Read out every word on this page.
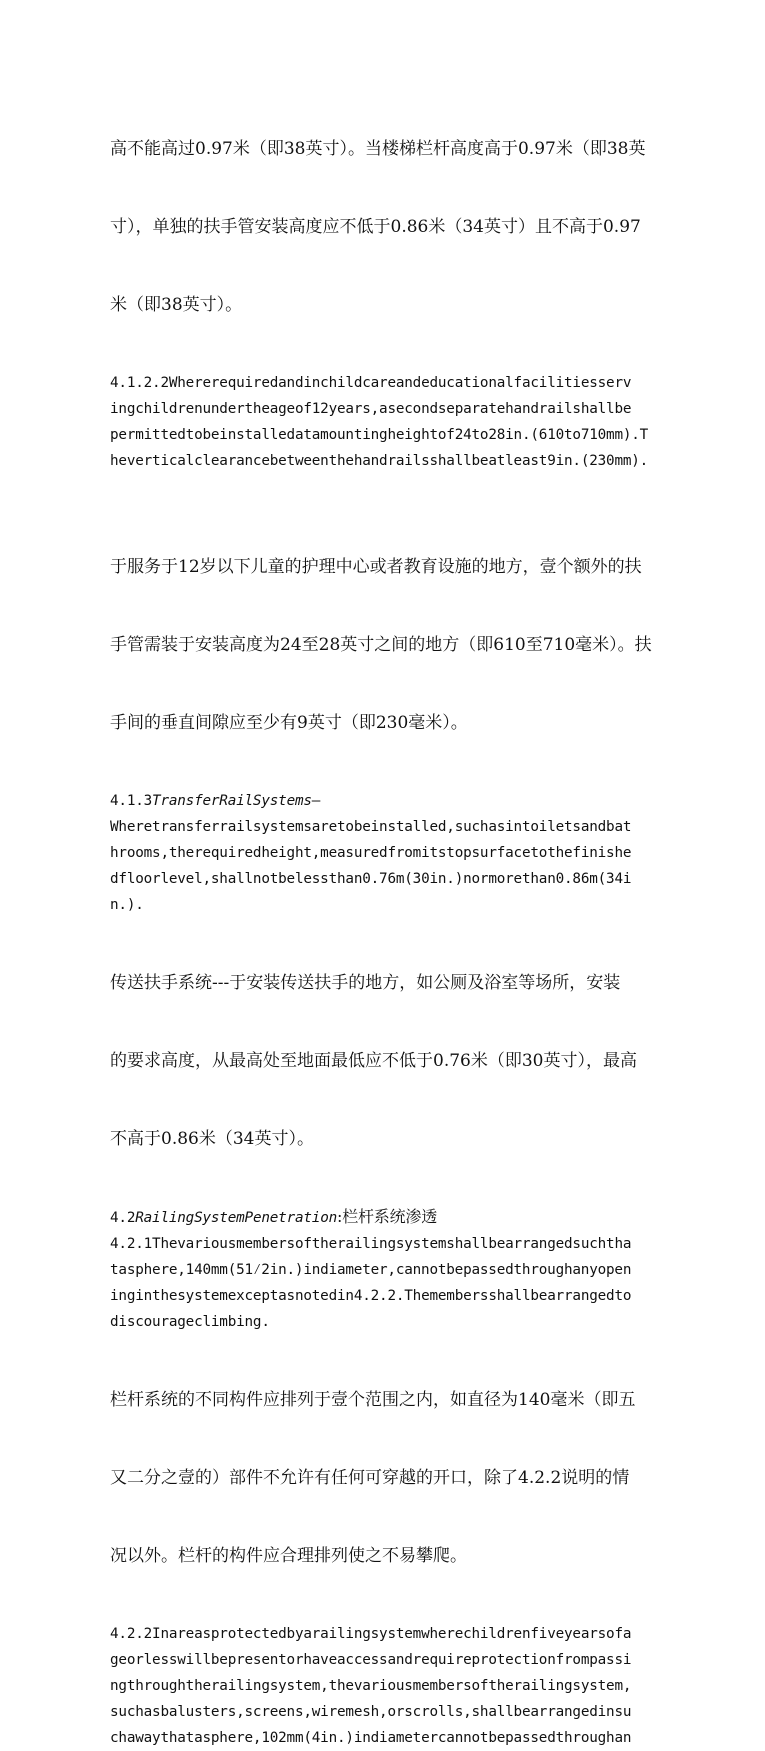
高不能高过0.97米（即38英寸）。当楼梯栏杆高度高于0.97米（即38英

寸），单独的扶手管安装高度应不低于0.86米（34英寸）且不高于0.97

米（即38英寸）。

4.1.2.2Whererequiredandinchildcareandeducationalfacilitiesserv
ingchildrenundertheageof12years,asecondseparatehandrailshallbe
permittedtobeinstalledatamountingheightof24to28in.(610to710mm).T
heverticalclearancebetweenthehandrailsshallbeatleast9in.(230mm).

于服务于12岁以下儿童的护理中心或者教育设施的地方，壹个额外的扶

手管需装于安装高度为24至28英寸之间的地方（即610至710毫米）。扶

手间的垂直间隙应至少有9英寸（即230毫米）。

4.1.3TransferRailSystems—

Wheretransferrailsystemsaretobeinstalled,suchasintoiletsandbat
hrooms,therequiredheight,measuredfromitstopsurfacetothefinishe
dfloorlevel,shallnotbelessthan0.76m(30in.)normorethan0.86m(34i
n.).

传送扶手系统---于安装传送扶手的地方，如公厕及浴室等场所，安装

的要求高度，从最高处至地面最低应不低于0.76米（即30英寸），最高

不高于0.86米（34英寸）。

4.2RailingSystemPenetration:栏杆系统渗透

4.2.1Thevariousmembersoftherailingsystemshallbearrangedsuchtha
tasphere,140mm(51⁄2in.)indiameter,cannotbepassedthroughanyopen
inginthesystemexceptasnotedin4.2.2.Themembersshallbearrangedto
discourageclimbing.

栏杆系统的不同构件应排列于壹个范围之内，如直径为140毫米（即五

又二分之壹的）部件不允许有任何可穿越的开口，除了4.2.2说明的情

况以外。栏杆的构件应合理排列使之不易攀爬。

4.2.2Inareasprotectedbyarailingsystemwherechildrenfiveyearsofa
georlesswillbepresentorhaveaccessandrequireprotectionfrompassi
ngthroughtherailingsystem,thevariousmembersoftherailingsystem,
suchasbalusters,screens,wiremesh,orscrolls,shallbearrangedinsu
chawaythatasphere,102mm(4in.)indiametercannotbepassedthroughan
